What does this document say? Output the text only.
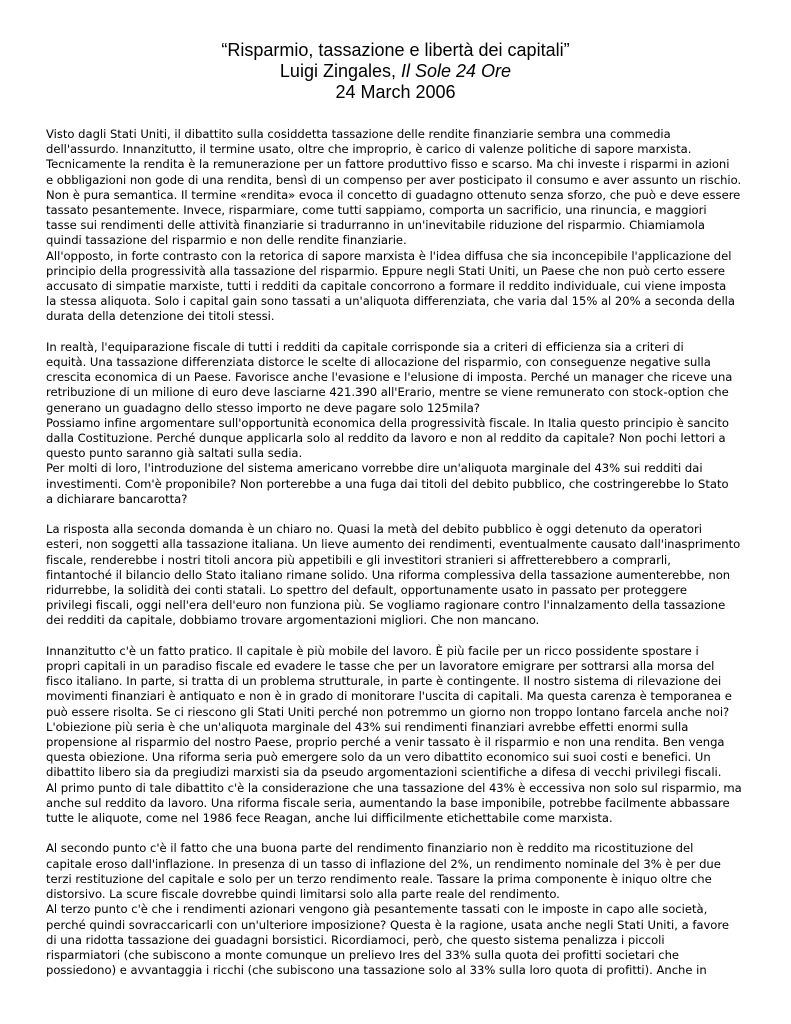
“Risparmio, tassazione e libertà dei capitali”
Luigi Zingales, Il Sole 24 Ore
24 March 2006

Visto dagli Stati Uniti, il dibattito sulla cosiddetta tassazione delle rendite finanziarie sembra una commedia
dell'assurdo. Innanzitutto, il termine usato, oltre che improprio, è carico di valenze politiche di sapore marxista.
Tecnicamente la rendita è la remunerazione per un fattore produttivo fisso e scarso. Ma chi investe i risparmi in azioni
e obbligazioni non gode di una rendita, bensì di un compenso per aver posticipato il consumo e aver assunto un rischio.
Non è pura semantica. Il termine «rendita» evoca il concetto di guadagno ottenuto senza sforzo, che può e deve essere
tassato pesantemente. Invece, risparmiare, come tutti sappiamo, comporta un sacrificio, una rinuncia, e maggiori
tasse sui rendimenti delle attività finanziarie si tradurranno in un'inevitabile riduzione del risparmio. Chiamiamola
quindi tassazione del risparmio e non delle rendite finanziarie.

All'opposto, in forte contrasto con la retorica di sapore marxista è l'idea diffusa che sia inconcepibile l'applicazione del
principio della progressività alla tassazione del risparmio. Eppure negli Stati Uniti, un Paese che non può certo essere
accusato di simpatie marxiste, tutti i redditi da capitale concorrono a formare il reddito individuale, cui viene imposta
la stessa aliquota. Solo i capital gain sono tassati a un'aliquota differenziata, che varia dal 15% al 20% a seconda della
durata della detenzione dei titoli stessi.

In realtà, l'equiparazione fiscale di tutti i redditi da capitale corrisponde sia a criteri di efficienza sia a criteri di
equità. Una tassazione differenziata distorce le scelte di allocazione del risparmio, con conseguenze negative sulla
crescita economica di un Paese. Favorisce anche l'evasione e l'elusione di imposta. Perché un manager che riceve una
retribuzione di un milione di euro deve lasciarne 421.390 all'Erario, mentre se viene remunerato con stock-option che
generano un guadagno dello stesso importo ne deve pagare solo 125mila?

Possiamo infine argomentare sull'opportunità economica della progressività fiscale. In Italia questo principio è sancito
dalla Costituzione. Perché dunque applicarla solo al reddito da lavoro e non al reddito da capitale? Non pochi lettori a
questo punto saranno già saltati sulla sedia.

Per molti di loro, l'introduzione del sistema americano vorrebbe dire un'aliquota marginale del 43% sui redditi dai
investimenti. Com'è proponibile? Non porterebbe a una fuga dai titoli del debito pubblico, che costringerebbe lo Stato
a dichiarare bancarotta?

La risposta alla seconda domanda è un chiaro no. Quasi la metà del debito pubblico è oggi detenuto da operatori
esteri, non soggetti alla tassazione italiana. Un lieve aumento dei rendimenti, eventualmente causato dall'inasprimento
fiscale, renderebbe i nostri titoli ancora più appetibili e gli investitori stranieri si affretterebbero a comprarli,
fintantoché il bilancio dello Stato italiano rimane solido. Una riforma complessiva della tassazione aumenterebbe, non
ridurrebbe, la solidità dei conti statali. Lo spettro del default, opportunamente usato in passato per proteggere
privilegi fiscali, oggi nell'era dell'euro non funziona più. Se vogliamo ragionare contro l'innalzamento della tassazione
dei redditi da capitale, dobbiamo trovare argomentazioni migliori. Che non mancano.

Innanzitutto c'è un fatto pratico. Il capitale è più mobile del lavoro. È più facile per un ricco possidente spostare i
propri capitali in un paradiso fiscale ed evadere le tasse che per un lavoratore emigrare per sottrarsi alla morsa del
fisco italiano. In parte, si tratta di un problema strutturale, in parte è contingente. Il nostro sistema di rilevazione dei
movimenti finanziari è antiquato e non è in grado di monitorare l'uscita di capitali. Ma questa carenza è temporanea e
può essere risolta. Se ci riescono gli Stati Uniti perché non potremmo un giorno non troppo lontano farcela anche noi?

L'obiezione più seria è che un'aliquota marginale del 43% sui rendimenti finanziari avrebbe effetti enormi sulla
propensione al risparmio del nostro Paese, proprio perché a venir tassato è il risparmio e non una rendita. Ben venga
questa obiezione. Una riforma seria può emergere solo da un vero dibattito economico sui suoi costi e benefici. Un
dibattito libero sia da pregiudizi marxisti sia da pseudo argomentazioni scientifiche a difesa di vecchi privilegi fiscali.

Al primo punto di tale dibattito c'è la considerazione che una tassazione del 43% è eccessiva non solo sul risparmio, ma
anche sul reddito da lavoro. Una riforma fiscale seria, aumentando la base imponibile, potrebbe facilmente abbassare
tutte le aliquote, come nel 1986 fece Reagan, anche lui difficilmente etichettabile come marxista.

Al secondo punto c'è il fatto che una buona parte del rendimento finanziario non è reddito ma ricostituzione del
capitale eroso dall'inflazione. In presenza di un tasso di inflazione del 2%, un rendimento nominale del 3% è per due
terzi restituzione del capitale e solo per un terzo rendimento reale. Tassare la prima componente è iniquo oltre che
distorsivo. La scure fiscale dovrebbe quindi limitarsi solo alla parte reale del rendimento.

Al terzo punto c'è che i rendimenti azionari vengono già pesantemente tassati con le imposte in capo alle società,
perché quindi sovraccaricarli con un'ulteriore imposizione? Questa è la ragione, usata anche negli Stati Uniti, a favore
di una ridotta tassazione dei guadagni borsistici. Ricordiamoci, però, che questo sistema penalizza i piccoli
risparmiatori (che subiscono a monte comunque un prelievo Ires del 33% sulla quota dei profitti societari che
possiedono) e avvantaggia i ricchi (che subiscono una tassazione solo al 33% sulla loro quota di profitti). Anche in
